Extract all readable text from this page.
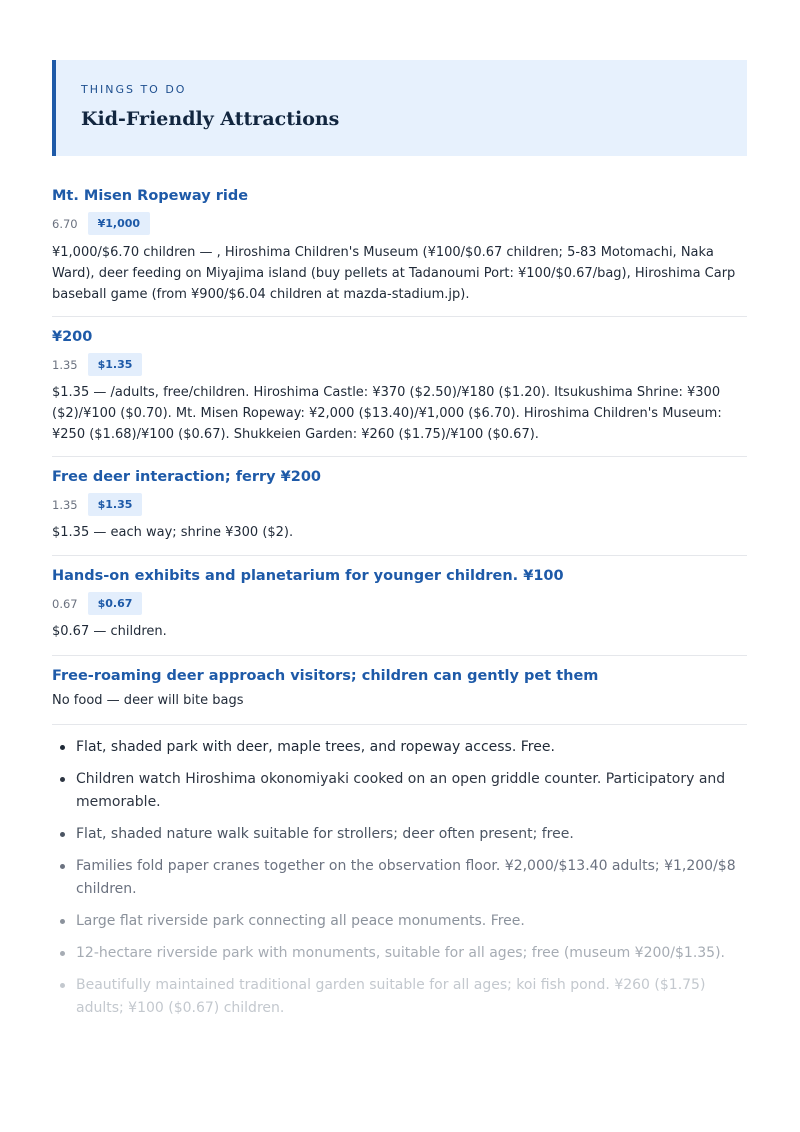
THINGS TO DO
Kid-Friendly Attractions
Mt. Misen Ropeway ride
6.70	¥1,000
¥1,000/$6.70 children — , Hiroshima Children's Museum (¥100/$0.67 children; 5-83 Motomachi, Naka Ward), deer feeding on Miyajima island (buy pellets at Tadanoumi Port: ¥100/$0.67/bag), Hiroshima Carp baseball game (from ¥900/$6.04 children at mazda-stadium.jp).
¥200
1.35	$1.35
$1.35 — /adults, free/children. Hiroshima Castle: ¥370 ($2.50)/¥180 ($1.20). Itsukushima Shrine: ¥300 ($2)/¥100 ($0.70). Mt. Misen Ropeway: ¥2,000 ($13.40)/¥1,000 ($6.70). Hiroshima Children's Museum: ¥250 ($1.68)/¥100 ($0.67). Shukkeien Garden: ¥260 ($1.75)/¥100 ($0.67).
Free deer interaction; ferry ¥200
1.35	$1.35
$1.35 — each way; shrine ¥300 ($2).
Hands-on exhibits and planetarium for younger children. ¥100
0.67	$0.67
$0.67 — children.
Free-roaming deer approach visitors; children can gently pet them
No food — deer will bite bags
Flat, shaded park with deer, maple trees, and ropeway access. Free.
Children watch Hiroshima okonomiyaki cooked on an open griddle counter. Participatory and memorable.
Flat, shaded nature walk suitable for strollers; deer often present; free.
Families fold paper cranes together on the observation floor. ¥2,000/$13.40 adults; ¥1,200/$8 children.
Large flat riverside park connecting all peace monuments. Free.
12-hectare riverside park with monuments, suitable for all ages; free (museum ¥200/$1.35).
Beautifully maintained traditional garden suitable for all ages; koi fish pond. ¥260 ($1.75) adults; ¥100 ($0.67) children.
